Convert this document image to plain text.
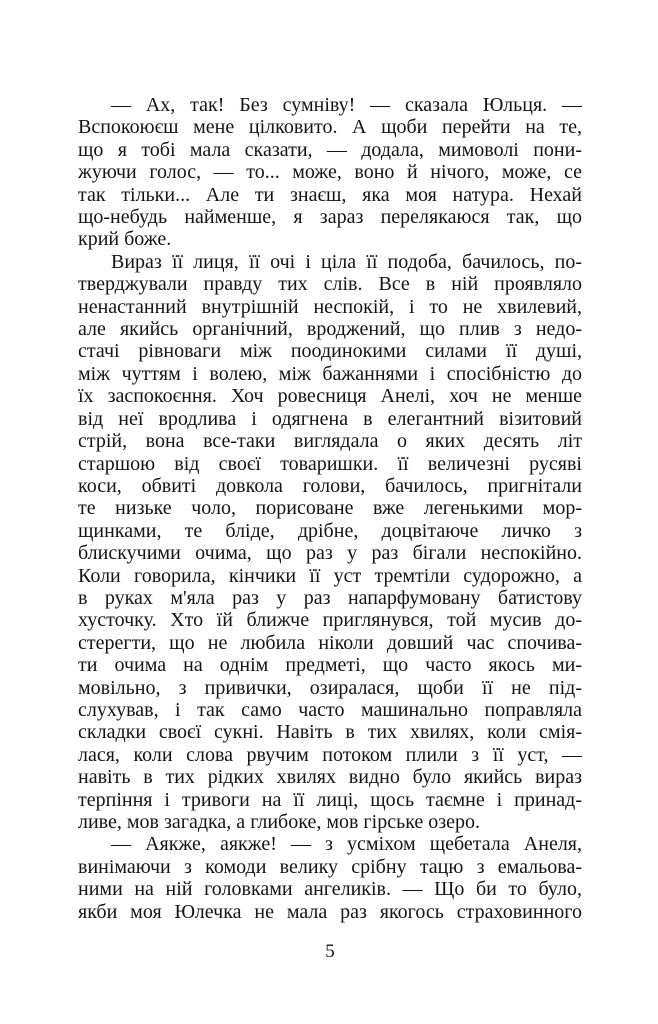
— Ах, так! Без сумніву! — сказала Юльця. —
Вспокоюєш мене цілковито. А щоби перейти на те,
що я тобі мала сказати, — додала, мимоволі пони-
жуючи голос, — то... може, воно й нічого, може, се
так тільки... Але ти знаєш, яка моя натура. Нехай
що-небудь найменше, я зараз перелякаюся так, що
крий боже.
Вираз її лиця, її очі і ціла її подоба, бачилось, по-
тверджували правду тих слів. Все в ній проявляло
ненастанний внутрішній неспокій, і то не хвилевий,
але якийсь органічний, вроджений, що плив з недо-
стачі рівноваги між поодинокими силами її душі,
між чуттям і волею, між бажаннями і спосібністю до
їх заспокоєння. Хоч ровесниця Анелі, хоч не менше
від неї вродлива і одягнена в елегантний візитовий
стрій, вона все-таки виглядала о яких десять літ
старшою від своєї товаришки. її величезні русяві
коси, обвиті довкола голови, бачилось, пригнітали
те низьке чоло, порисоване вже легенькими мор-
щинками, те бліде, дрібне, доцвітаюче личко з
блискучими очима, що раз у раз бігали неспокійно.
Коли говорила, кінчики її уст тремтіли судорожно, а
в руках м'яла раз у раз напарфумовану батистову
хусточку. Хто їй ближче приглянувся, той мусив до-
стерегти, що не любила ніколи довший час спочива-
ти очима на однім предметі, що часто якось ми-
мовільно, з привички, озиралася, щоби її не під-
слухував, і так само часто машинально поправляла
складки своєї сукні. Навіть в тих хвилях, коли смія-
лася, коли слова рвучим потоком плили з її уст, —
навіть в тих рідких хвилях видно було якийсь вираз
терпіння і тривоги на її лиці, щось таємне і принад-
ливе, мов загадка, а глибоке, мов гірське озеро.
— Аякже, аякже! — з усміхом щебетала Анеля,
винімаючи з комоди велику срібну тацю з емальова-
ними на ній головками ангеликів. — Що би то було,
якби моя Юлечка не мала раз якогось страховинного
5
